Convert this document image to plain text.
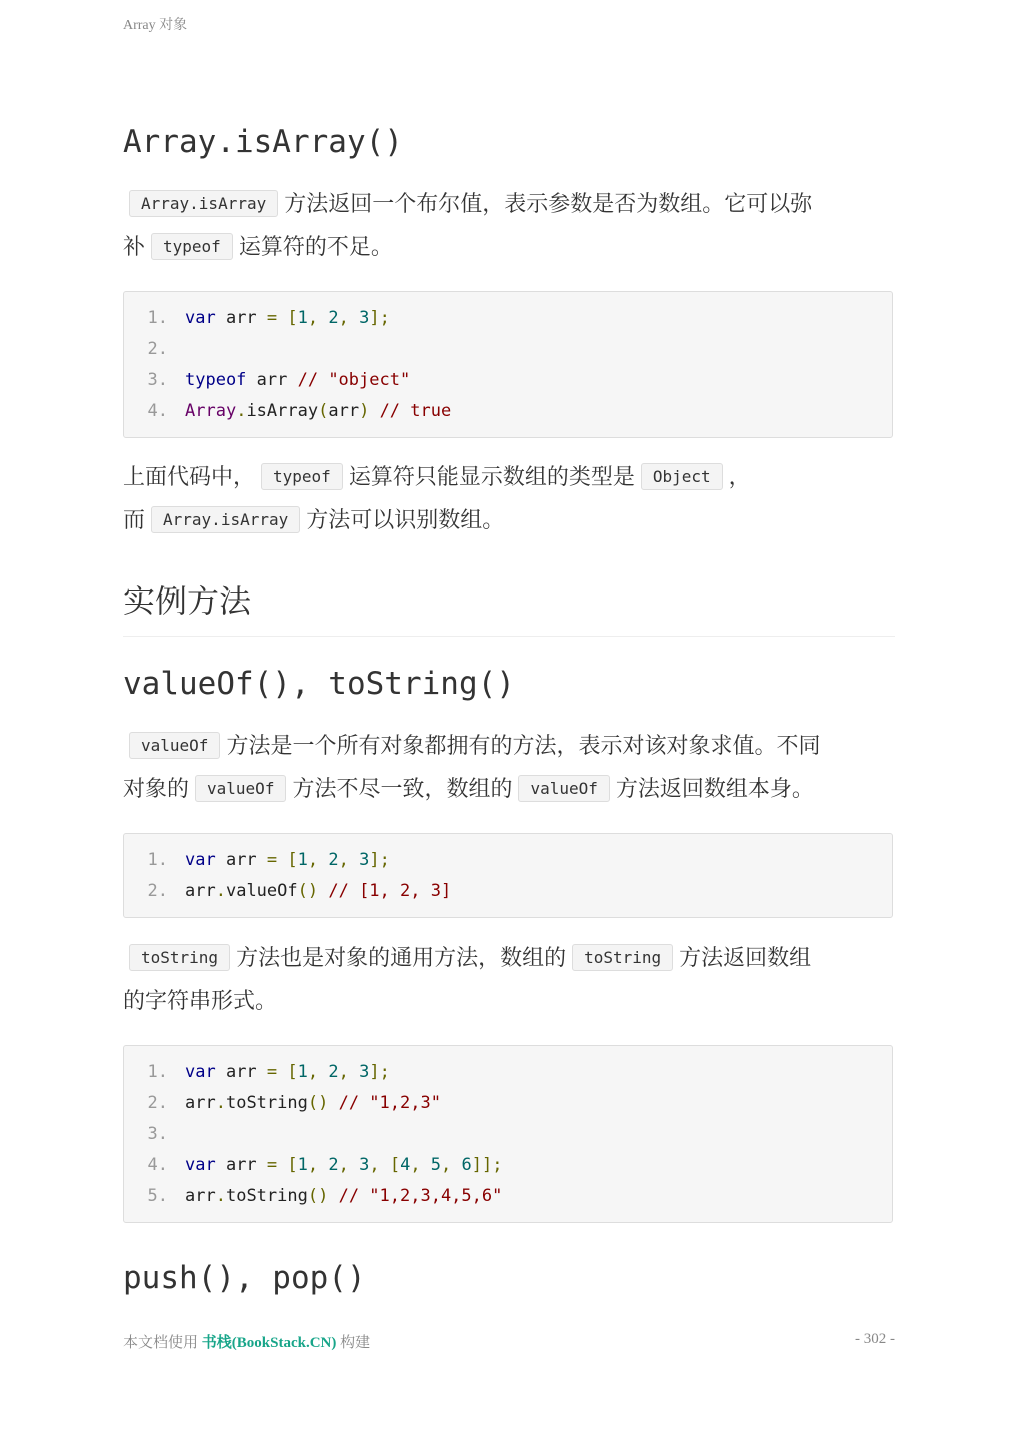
Array 对象
Array.isArray()

Array.isArray 方法返回一个布尔值，表示参数是否为数组。它可以弥
补 typeof 运算符的不足。

1.	var arr = [1, 2, 3];
2.
3.	typeof arr // "object"
4.	Array.isArray(arr) // true

上面代码中， typeof 运算符只能显示数组的类型是 Object ，
而 Array.isArray 方法可以识别数组。

实例方法
valueOf(), toString()

valueOf 方法是一个所有对象都拥有的方法，表示对该对象求值。不同
对象的 valueOf 方法不尽一致，数组的 valueOf 方法返回数组本身。

1.	var arr = [1, 2, 3];
2.	arr.valueOf() // [1, 2, 3]

toString 方法也是对象的通用方法，数组的 toString 方法返回数组
的字符串形式。

1.	var arr = [1, 2, 3];
2.	arr.toString() // "1,2,3"
3.
4.	var arr = [1, 2, 3, [4, 5, 6]];
5.	arr.toString() // "1,2,3,4,5,6"
push(), pop()
本文档使用 书栈(BookStack.CN) 构建	- 302 -
